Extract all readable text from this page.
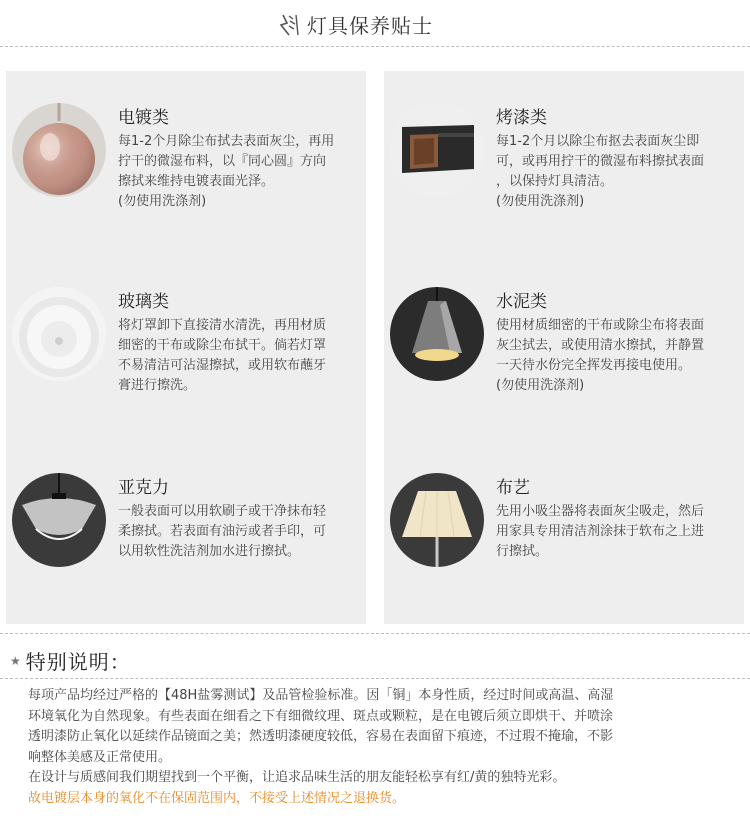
灯具保养贴士
电镀类
每1-2个月除尘布拭去表面灰尘，再用
拧干的微湿布料，以『同心圆』方向
擦拭来维持电镀表面光泽。
(勿使用洗涤剂)
玻璃类
将灯罩卸下直接清水清洗，再用材质
细密的干布或除尘布拭干。倘若灯罩
不易清洁可沾湿擦拭，或用软布蘸牙
膏进行擦洗。
亚克力
一般表面可以用软刷子或干净抹布轻
柔擦拭。若表面有油污或者手印，可
以用软性洗洁剂加水进行擦拭。
烤漆类
每1-2个月以除尘布抠去表面灰尘即
可，或再用拧干的微湿布料擦拭表面
，以保持灯具清洁。
(勿使用洗涤剂)
水泥类
使用材质细密的干布或除尘布将表面
灰尘拭去，或使用清水擦拭，并静置
一天待水份完全挥发再接电使用。
(勿使用洗涤剂)
布艺
先用小吸尘器将表面灰尘吸走，然后
用家具专用清洁剂涂抹于软布之上进
行擦拭。
★ 特别说明：
每项产品均经过严格的【48H盐雾测试】及品管检验标准。因「铜」本身性质，经过时间或高温、高湿
环境氧化为自然现象。有些表面在细看之下有细微纹理、斑点或颗粒，是在电镀后须立即烘干、并喷涂
透明漆防止氧化以延续作品镜面之美；然透明漆硬度较低，容易在表面留下痕迹，不过瑕不掩瑜，不影
响整体美感及正常使用。
在设计与质感间我们期望找到一个平衡，让追求品味生活的朋友能轻松享有红/黄的独特光彩。
故电镀层本身的氧化不在保固范围内，不接受上述情况之退换货。
